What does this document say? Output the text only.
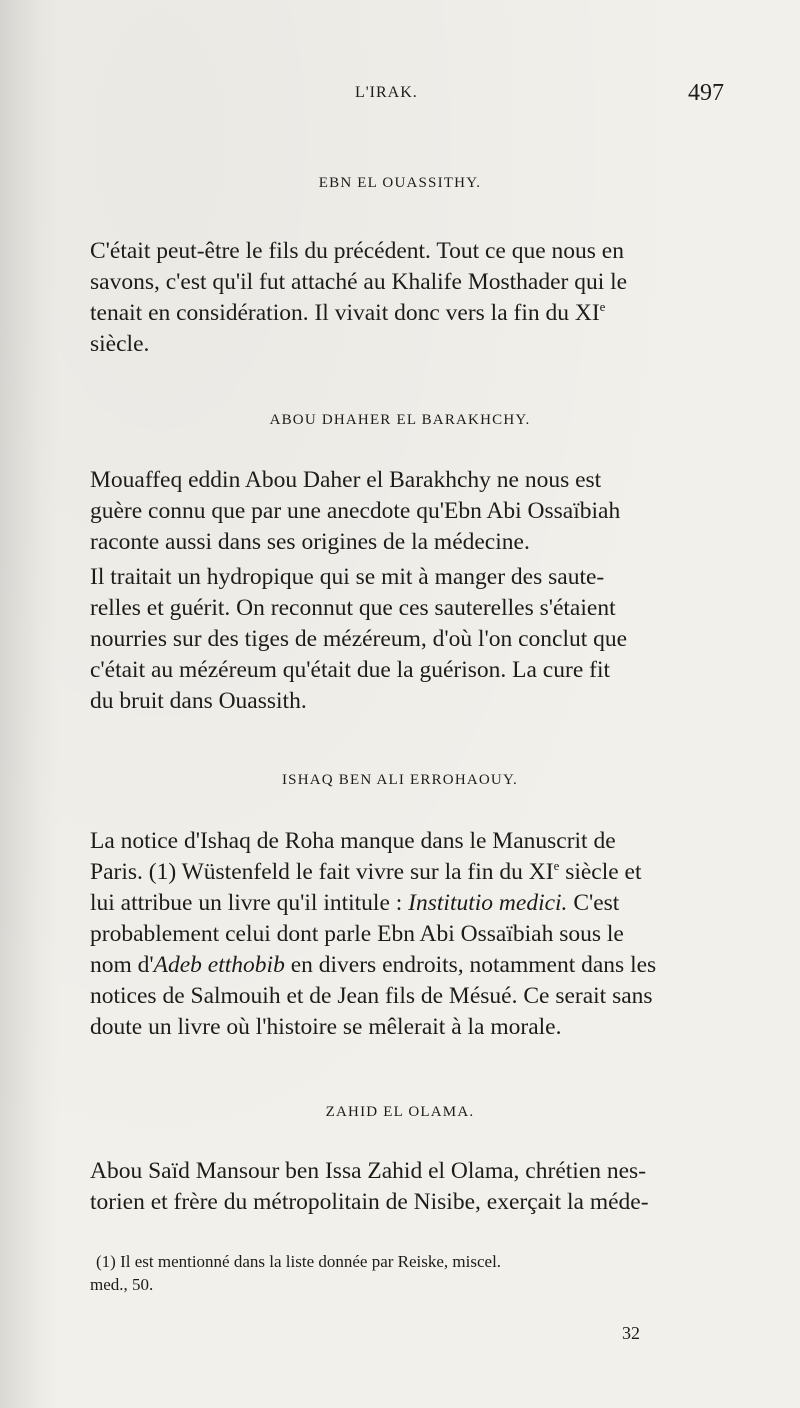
L'IRAK.	497
EBN EL OUASSITHY.
C'était peut-être le fils du précédent. Tout ce que nous en
savons, c'est qu'il fut attaché au Khalife Mosthader qui le
tenait en considération. Il vivait donc vers la fin du XIe
siècle.
ABOU DHAHER EL BARAKHCHY.
Mouaffeq eddin Abou Daher el Barakhchy ne nous est
guère connu que par une anecdote qu'Ebn Abi Ossaïbiah
raconte aussi dans ses origines de la médecine.
Il traitait un hydropique qui se mit à manger des saute-
relles et guérit. On reconnut que ces sauterelles s'étaient
nourries sur des tiges de mézéreum, d'où l'on conclut que
c'était au mézéreum qu'était due la guérison. La cure fit
du bruit dans Ouassith.
ISHAQ BEN ALI ERROHAOUY.
La notice d'Ishaq de Roha manque dans le Manuscrit de
Paris. (1) Wüstenfeld le fait vivre sur la fin du XIe siècle et
lui attribue un livre qu'il intitule : Institutio medici. C'est
probablement celui dont parle Ebn Abi Ossaïbiah sous le
nom d'Adeb etthobib en divers endroits, notamment dans les
notices de Salmouih et de Jean fils de Mésué. Ce serait sans
doute un livre où l'histoire se mêlerait à la morale.
ZAHID EL OLAMA.
Abou Saïd Mansour ben Issa Zahid el Olama, chrétien nes-
torien et frère du métropolitain de Nisibe, exerçait la méde-
(1) Il est mentionné dans la liste donnée par Reiske, miscel.
med., 50.
32
